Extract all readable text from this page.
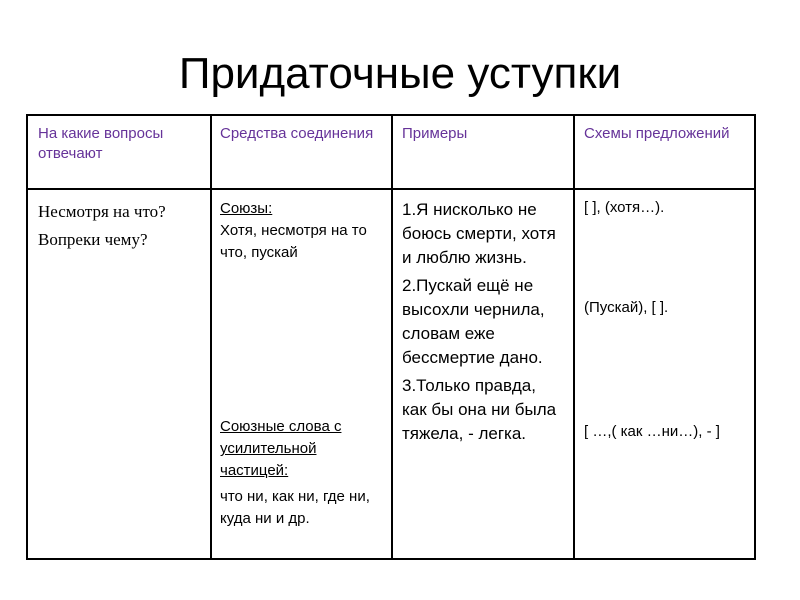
Придаточные уступки
На какие вопросы отвечают
Средства соединения	Примеры	Схемы предложений
Несмотря на что?
Вопреки чему?
Союзы:
Хотя, несмотря на то что, пускай
Союзные слова с усилительной частицей:
что ни, как ни, где ни, куда ни и др.
1.Я нисколько не боюсь смерти, хотя и люблю жизнь.
2.Пускай ещё не высохли чернила, словам еже бессмертие дано.
3.Только правда, как бы она ни была тяжела, - легка.
[ ], (хотя…).
(Пускай), [ ].
[ …,( как …ни…), - ]
